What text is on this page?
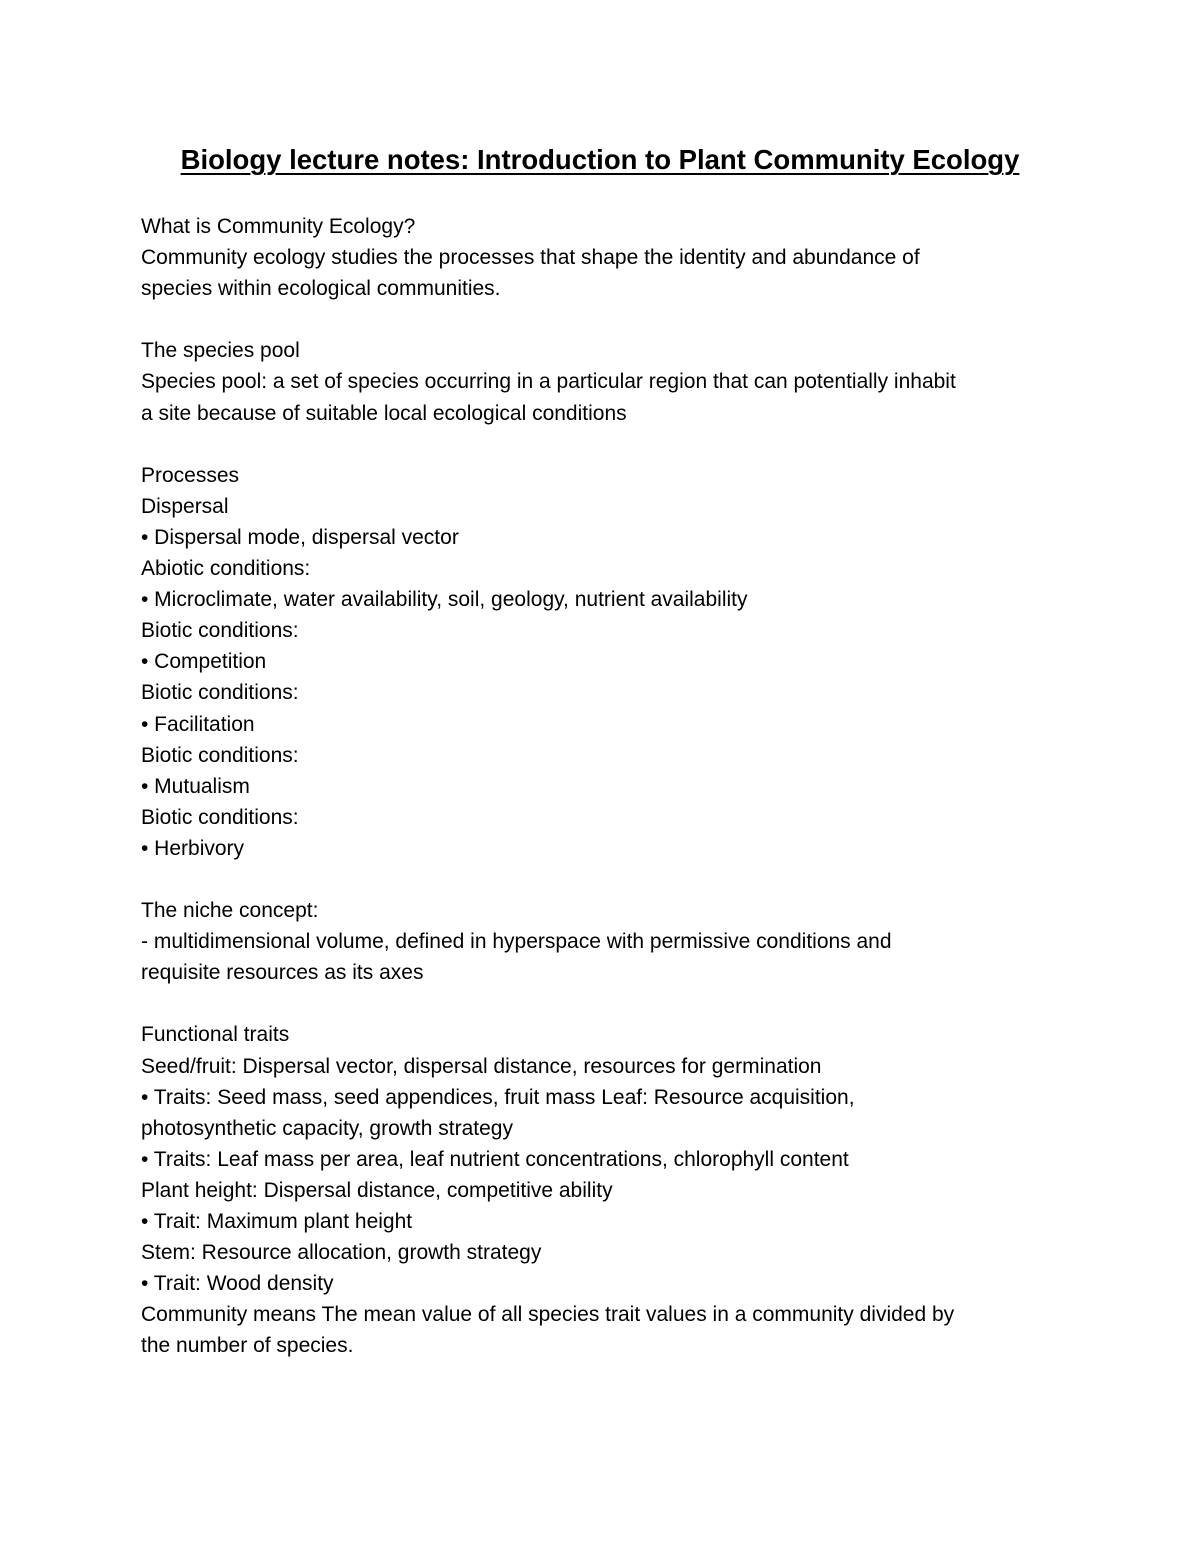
Biology lecture notes: Introduction to Plant Community Ecology
What is Community Ecology?
Community ecology studies the processes that shape the identity and abundance of
species within ecological communities.
The species pool
Species pool: a set of species occurring in a particular region that can potentially inhabit
a site because of suitable local ecological conditions
Processes
Dispersal
• Dispersal mode, dispersal vector
Abiotic conditions:
• Microclimate, water availability, soil, geology, nutrient availability
Biotic conditions:
• Competition
Biotic conditions:
• Facilitation
Biotic conditions:
• Mutualism
Biotic conditions:
• Herbivory
The niche concept:
- multidimensional volume, defined in hyperspace with permissive conditions and
requisite resources as its axes
Functional traits
Seed/fruit: Dispersal vector, dispersal distance, resources for germination
• Traits: Seed mass, seed appendices, fruit mass Leaf: Resource acquisition,
photosynthetic capacity, growth strategy
• Traits: Leaf mass per area, leaf nutrient concentrations, chlorophyll content
Plant height: Dispersal distance, competitive ability
• Trait: Maximum plant height
Stem: Resource allocation, growth strategy
• Trait: Wood density
Community means The mean value of all species trait values in a community divided by
the number of species.
